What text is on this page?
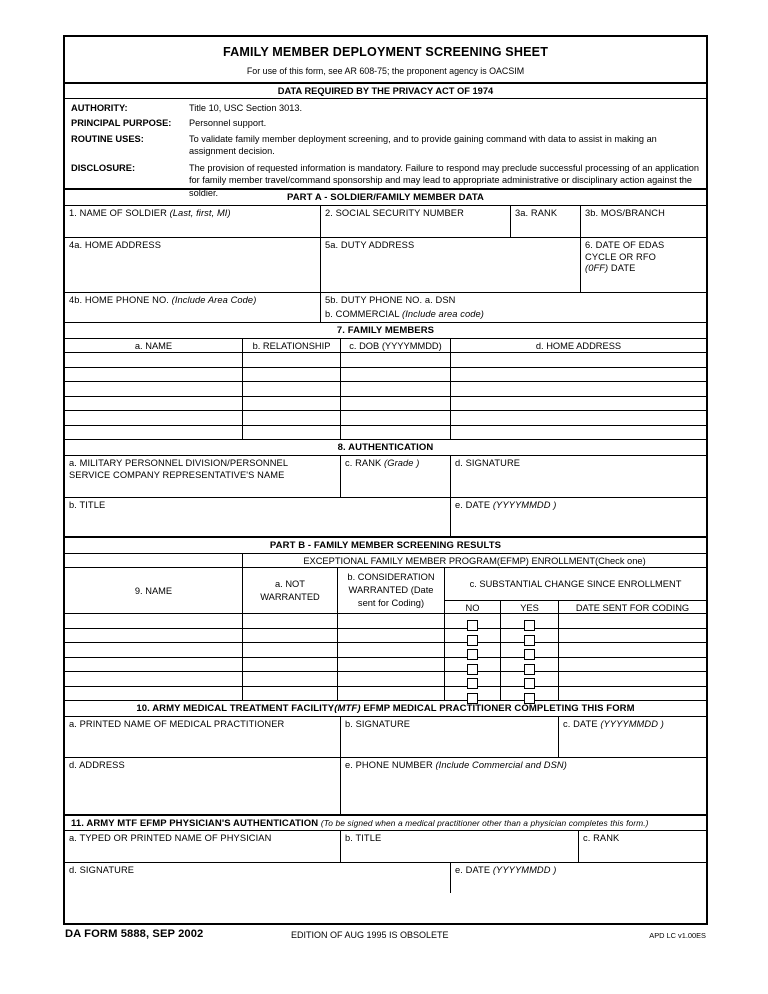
FAMILY MEMBER DEPLOYMENT SCREENING SHEET
For use of this form, see AR 608-75; the proponent agency is OACSIM
DATA REQUIRED BY THE PRIVACY ACT OF 1974
AUTHORITY:	Title 10, USC Section 3013.
PRINCIPAL PURPOSE:	Personnel support.
ROUTINE USES:	To validate family member deployment screening, and to provide gaining command with data to assist in making an assignment decision.
DISCLOSURE:	The provision of requested information is mandatory. Failure to respond may preclude successful processing of an application for family member travel/command sponsorship and may lead to appropriate administrative or disciplinary action against the soldier.	PART A - SOLDIER/FAMILY MEMBER DATA
1. NAME OF SOLDIER (Last, first, MI)	2. SOCIAL SECURITY NUMBER	3a. RANK	3b. MOS/BRANCH
4a. HOME ADDRESS	5a. DUTY ADDRESS	6. DATE OF EDAS
CYCLE OR RFO
(0FF) DATE
4b. HOME PHONE NO. (Include Area Code)	5b. DUTY PHONE NO. a. DSN
b. COMMERCIAL (Include area code)
7. FAMILY MEMBERS
a. NAME	b. RELATIONSHIP	c. DOB (YYYYMMDD)	d. HOME ADDRESS
8. AUTHENTICATION
a. MILITARY PERSONNEL DIVISION/PERSONNEL
SERVICE COMPANY REPRESENTATIVE'S NAME
c. RANK (Grade )	d. SIGNATURE
b. TITLE	e. DATE (YYYYMMDD )
PART B - FAMILY MEMBER SCREENING RESULTS
EXCEPTIONAL FAMILY MEMBER PROGRAM(EFMP) ENROLLMENT(Check one)
9. NAME
a. NOT
WARRANTED
b. CONSIDERATION
WARRANTED (Date
sent for Coding)
c. SUBSTANTIAL CHANGE SINCE ENROLLMENT
NO	YES	DATE SENT FOR CODING
10. ARMY MEDICAL TREATMENT FACILITY(MTF) EFMP MEDICAL PRACTITIONER COMPLETING THIS FORM
a. PRINTED NAME OF MEDICAL PRACTITIONER	b. SIGNATURE	c. DATE (YYYYMMDD )
d. ADDRESS	e. PHONE NUMBER (Include Commercial and DSN)
11. ARMY MTF EFMP PHYSICIAN'S AUTHENTICATION (To be signed when a medical practitioner other than a physician completes this form.)
a. TYPED OR PRINTED NAME OF PHYSICIAN	b. TITLE	c. RANK
d. SIGNATURE	e. DATE (YYYYMMDD )
DA FORM 5888, SEP 2002	EDITION OF AUG 1995 IS OBSOLETE	APD LC v1.00ES
